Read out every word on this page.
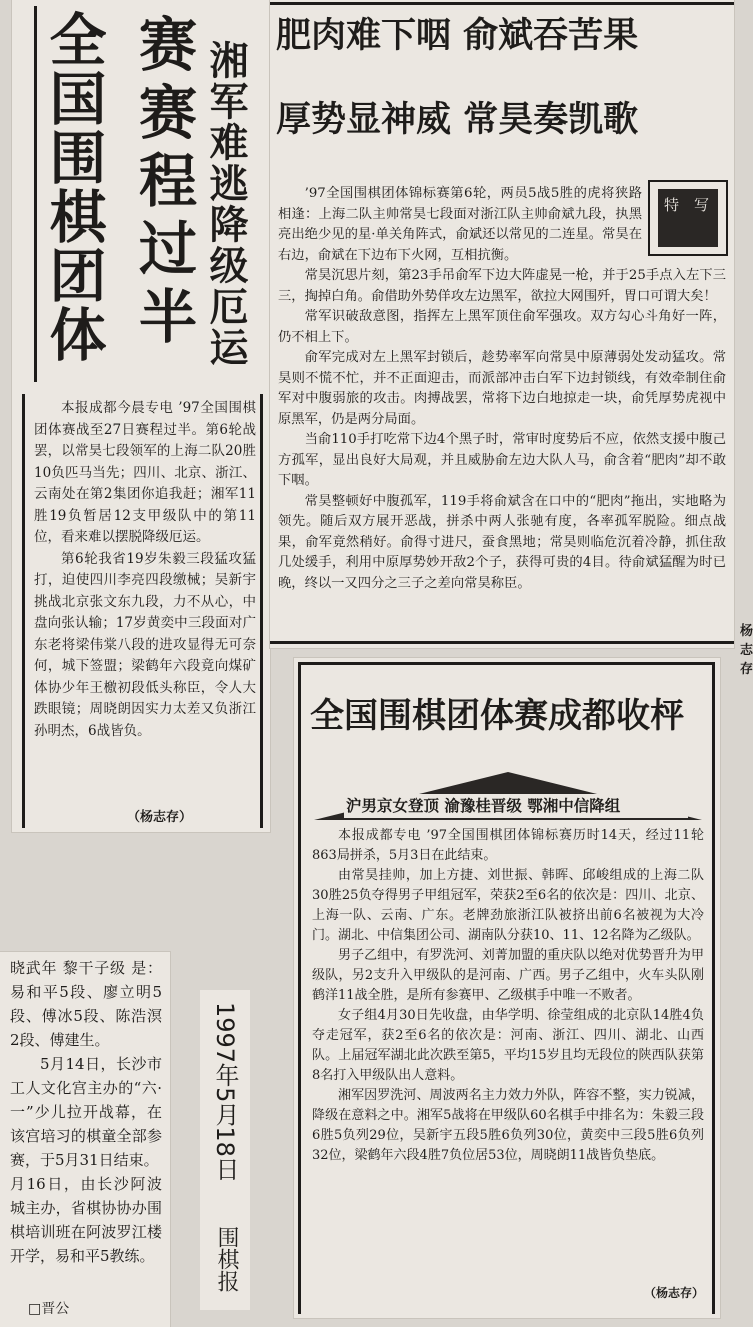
全国围棋团体 赛赛程过半 湘军难逃降级厄运

本报成都今晨专电 ’97全国围棋团体赛战至27日赛程过半。第6轮战罢，以常昊七段领军的上海二队20胜10负匹马当先；四川、北京、浙江、云南处在第2集团你追我赶；湘军11胜19负暂居12支甲级队中的第11位，看来难以摆脱降级厄运。

第6轮我省19岁朱毅三段猛攻猛打，迫使四川李亮四段缴械；吴新宇挑战北京张文东九段，力不从心，中盘向张认输；17岁黄奕中三段面对广东老将梁伟棠八段的进攻显得无可奈何，城下签盟；梁鹤年六段竟向煤矿体协少年王檄初段低头称臣，令人大跌眼镜；周晓朗因实力太差又负浙江孙明杰，6战皆负。

（杨志存）

肥肉难下咽 俞斌吞苦果
厚势显神威 常昊奏凯歌
特　写

’97全国围棋团体锦标赛第6轮，两员5战5胜的虎将狭路相逢：上海二队主帅常昊七段面对浙江队主帅俞斌九段，执黑亮出绝少见的星·单关角阵式，俞斌还以常见的二连星。常昊在右边，俞斌在下边布下火网，互相抗衡。

常昊沉思片刻，第23手吊俞军下边大阵虚晃一枪，并于25手点入左下三三，掏掉白角。俞借助外势佯攻左边黑军，欲拉大网围歼，胃口可谓大矣！

常军识破敌意图，指挥左上黑军顶住俞军强攻。双方勾心斗角好一阵，仍不相上下。

俞军完成对左上黑军封锁后，趁势率军向常昊中原薄弱处发动猛攻。常昊则不慌不忙，并不正面迎击，而派部冲击白军下边封锁线，有效牵制住俞军对中腹弱旅的攻击。肉搏战罢，常将下边白地掠走一块，俞凭厚势虎视中原黑军，仍是两分局面。

当俞110手打吃常下边4个黑子时，常审时度势后不应，依然支援中腹己方孤军，显出良好大局观，并且威胁俞左边大队人马，俞含着“肥肉”却不敢下咽。

常昊整顿好中腹孤军，119手将俞斌含在口中的“肥肉”拖出，实地略为领先。随后双方展开恶战，拼杀中两人张驰有度，各率孤军脱险。细点战果，俞军竟然稍好。俞得寸进尺，蚕食黑地；常昊则临危沉着冷静，抓住敌几处缓手，利用中原厚势妙开敌2个子，获得可贵的4目。待俞斌猛醒为时已晚，终以一又四分之三子之差向常昊称臣。

杨志存

全国围棋团体赛成都收枰
沪男京女登顶 渝豫桂晋级 鄂湘中信降组

本报成都专电 ’97全国围棋团体锦标赛历时14天，经过11轮863局拼杀，5月3日在此结束。

由常昊挂帅，加上方捷、刘世振、韩晖、邱峻组成的上海二队30胜25负夺得男子甲组冠军，荣获2至6名的依次是：四川、北京、上海一队、云南、广东。老牌劲旅浙江队被挤出前6名被视为大冷门。湖北、中信集团公司、湖南队分获10、11、12名降为乙级队。

男子乙组中，有罗洗河、刘菁加盟的重庆队以绝对优势晋升为甲级队，另2支升入甲级队的是河南、广西。男子乙组中，火车头队刚鹤洋11战全胜，是所有参赛甲、乙级棋手中唯一不败者。

女子组4月30日先收盘，由华学明、徐莹组成的北京队14胜4负夺走冠军，获2至6名的依次是：河南、浙江、四川、湖北、山西队。上届冠军湖北此次跌至第5，平均15岁且均无段位的陕西队获第8名打入甲级队出人意料。

湘军因罗洗河、周波两名主力效力外队，阵容不整，实力锐减，降级在意料之中。湘军5战将在甲级队60名棋手中排名为：朱毅三段6胜5负列29位，吴新宇五段5胜6负列30位，黄奕中三段5胜6负列32位，梁鹤年六段4胜7负位居53位，周晓朗11战皆负垫底。

（杨志存）

晓武年 黎干子级 是：易和平5段、廖立明5段、傅冰5段、陈浩溟2段、傅建生。

5月14日，长沙市工人文化宫主办的“六·一”少儿拉开战幕，在该宫培习的棋童全部参赛，于5月31日结束。

月16日，由长沙阿波城主办，省棋协协办围棋培训班在阿波罗江楼开学，易和平5教练。

□晋公

1997年5月18日
围棋报
